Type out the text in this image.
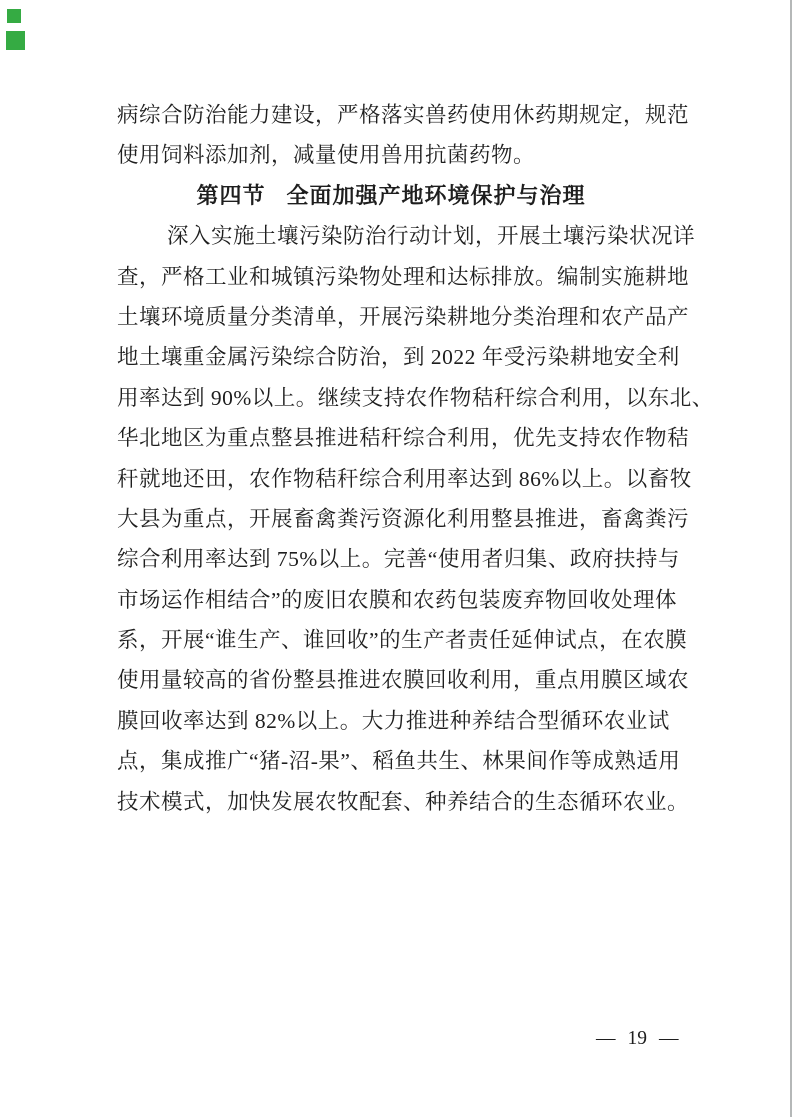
病综合防治能力建设，严格落实兽药使用休药期规定，规范
使用饲料添加剂，减量使用兽用抗菌药物。
第四节 全面加强产地环境保护与治理
深入实施土壤污染防治行动计划，开展土壤污染状况详
查，严格工业和城镇污染物处理和达标排放。编制实施耕地
土壤环境质量分类清单，开展污染耕地分类治理和农产品产
地土壤重金属污染综合防治，到 2022 年受污染耕地安全利
用率达到 90%以上。继续支持农作物秸秆综合利用，以东北、
华北地区为重点整县推进秸秆综合利用，优先支持农作物秸
秆就地还田，农作物秸秆综合利用率达到 86%以上。以畜牧
大县为重点，开展畜禽粪污资源化利用整县推进，畜禽粪污
综合利用率达到 75%以上。完善“使用者归集、政府扶持与
市场运作相结合”的废旧农膜和农药包装废弃物回收处理体
系，开展“谁生产、谁回收”的生产者责任延伸试点，在农膜
使用量较高的省份整县推进农膜回收利用，重点用膜区域农
膜回收率达到 82%以上。大力推进种养结合型循环农业试
点，集成推广“猪-沼-果”、稻鱼共生、林果间作等成熟适用
技术模式，加快发展农牧配套、种养结合的生态循环农业。
— 19 —
